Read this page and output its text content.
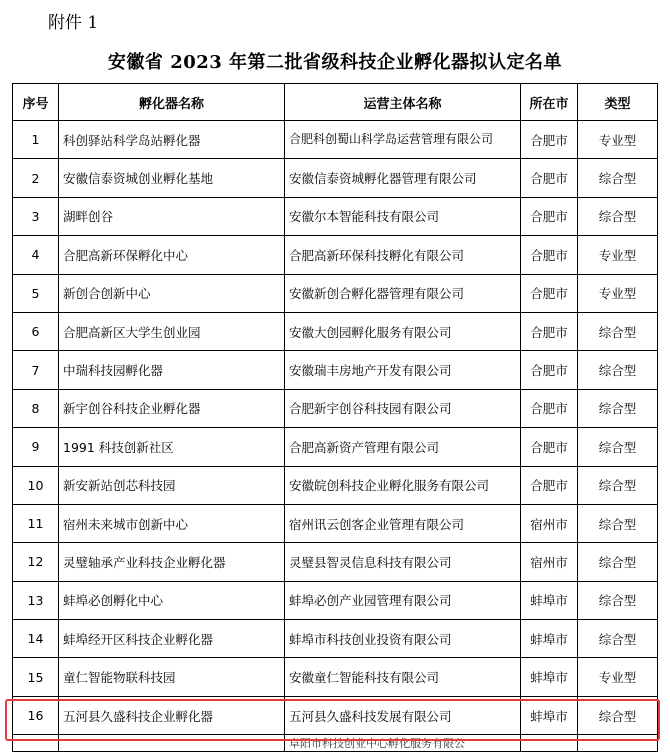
附件 1
安徽省 2023 年第二批省级科技企业孵化器拟认定名单
序号	孵化器名称	运营主体名称	所在市	类型
1	科创驿站科学岛站孵化器	合肥科创蜀山科学岛运营管理有限公司	合肥市	专业型
2	安徽信泰资城创业孵化基地	安徽信泰资城孵化器管理有限公司	合肥市	综合型
3	湖畔创谷	安徽尔本智能科技有限公司	合肥市	综合型
4	合肥高新环保孵化中心	合肥高新环保科技孵化有限公司	合肥市	专业型
5	新创合创新中心	安徽新创合孵化器管理有限公司	合肥市	专业型
6	合肥高新区大学生创业园	安徽大创园孵化服务有限公司	合肥市	综合型
7	中瑞科技园孵化器	安徽瑞丰房地产开发有限公司	合肥市	综合型
8	新宇创谷科技企业孵化器	合肥新宇创谷科技园有限公司	合肥市	综合型
9	1991 科技创新社区	合肥高新资产管理有限公司	合肥市	综合型
10	新安新站创芯科技园	安徽皖创科技企业孵化服务有限公司	合肥市	综合型
11	宿州未来城市创新中心	宿州讯云创客企业管理有限公司	宿州市	综合型
12	灵璧轴承产业科技企业孵化器	灵璧县智灵信息科技有限公司	宿州市	综合型
13	蚌埠必创孵化中心	蚌埠必创产业园管理有限公司	蚌埠市	综合型
14	蚌埠经开区科技企业孵化器	蚌埠市科技创业投资有限公司	蚌埠市	综合型
15	童仁智能物联科技园	安徽童仁智能科技有限公司	蚌埠市	专业型
16	五河县久盛科技企业孵化器	五河县久盛科技发展有限公司	蚌埠市	综合型
		阜阳市科技创业中心孵化服务有限公		
